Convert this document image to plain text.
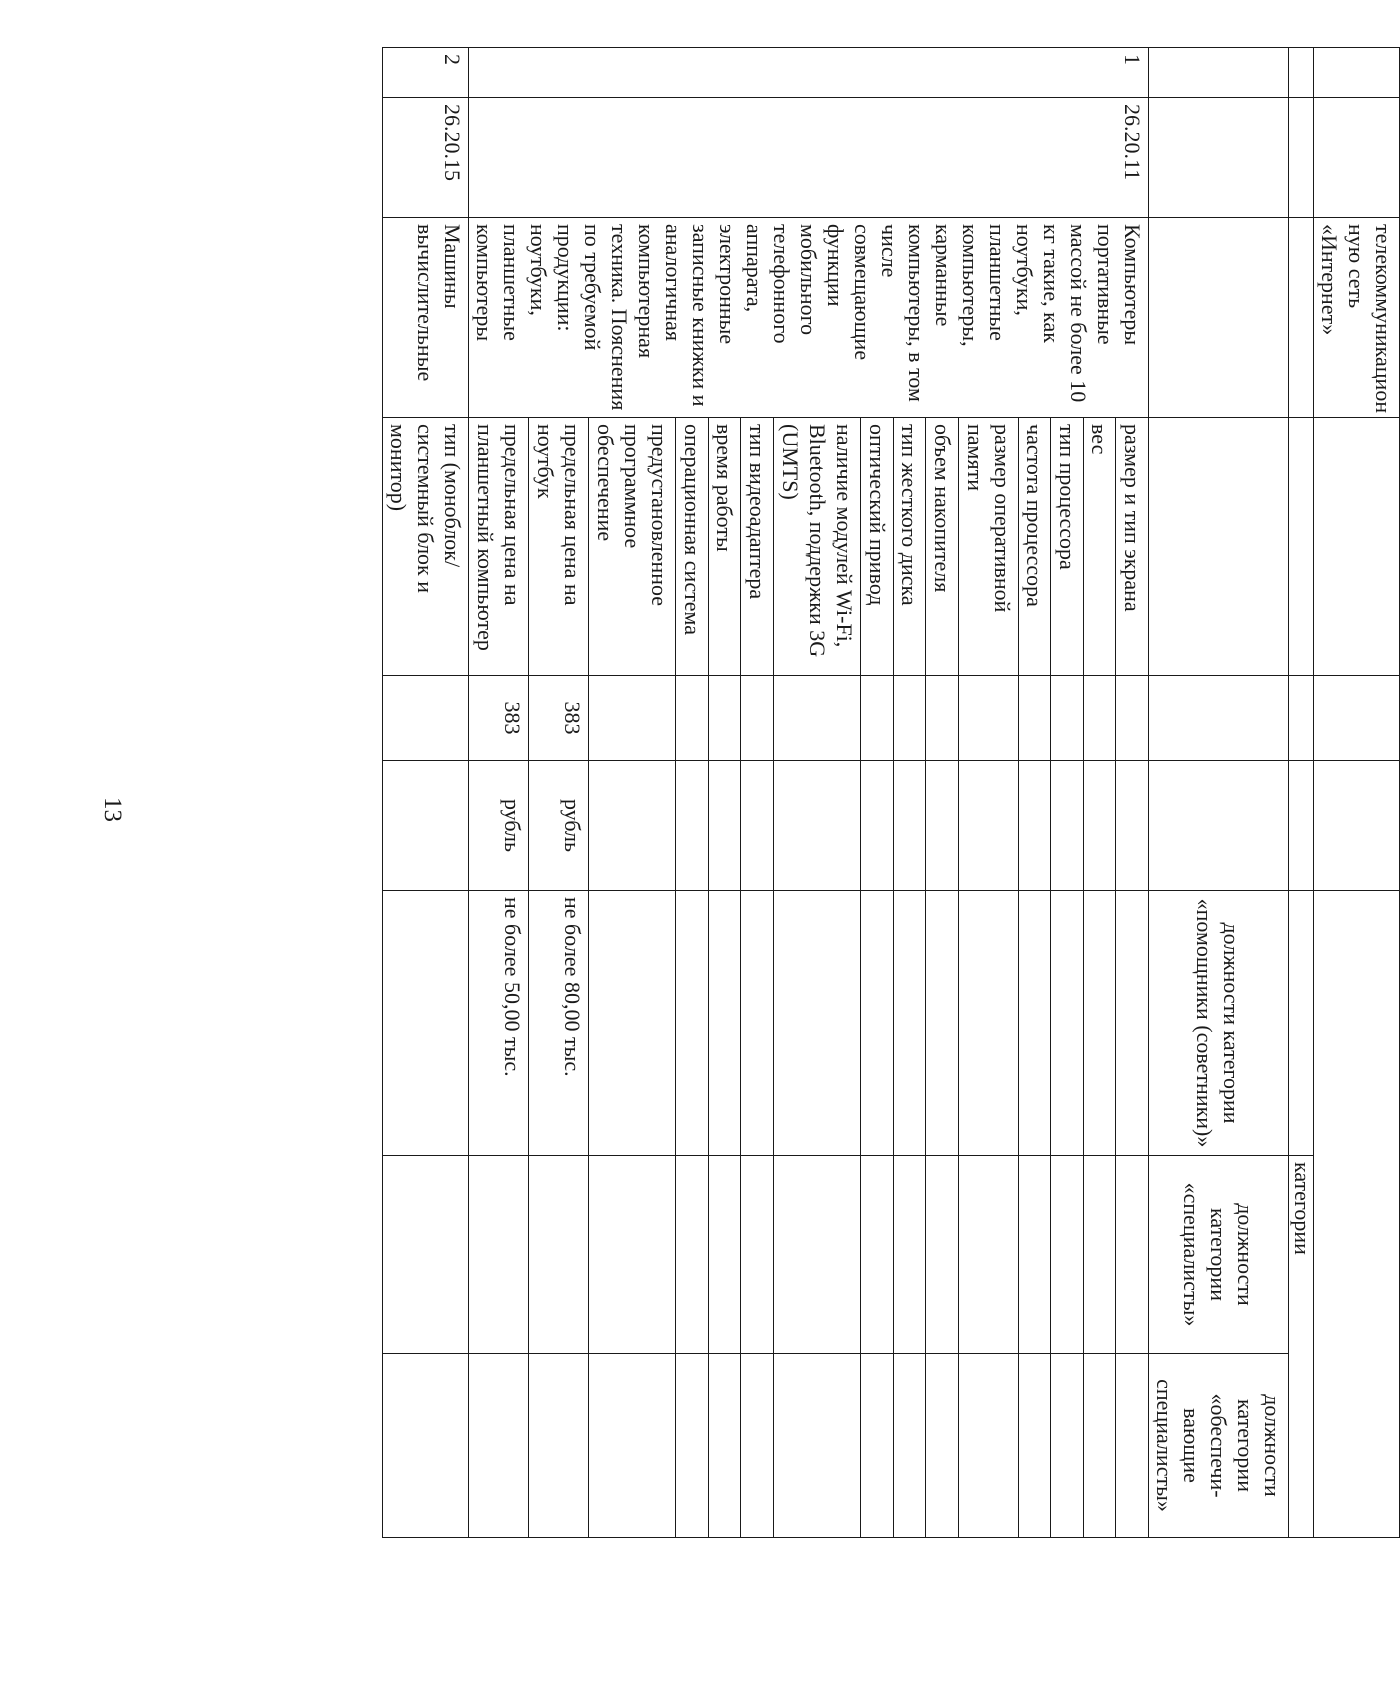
13
		телекоммуникацион ную сеть «Интернет»						
							категории	
						должности категории «помощники (советники)»	должности категории «специалисты»	должности категории «обеспечи-вающие специалисты»
1	26.20.11	Компьютеры портативные массой не более 10 кг такие, как ноутбуки, планшетные компьютеры, карманные компьютеры, в том числе совмещающие функции мобильного телефонного аппарата, электронные записные книжки и аналогичная компьютерная техника. Пояснения по требуемой продукции: ноутбуки, планшетные компьютеры	размер и тип экрана					
			вес					
			тип процессора					
			частота процессора					
			размер оперативной памяти					
			объем накопителя					
			тип жесткого диска					
			оптический привод					
			наличие модулей Wi-Fi, Bluetooth, поддержки 3G (UMTS)					
			тип видеоадаптера					
			время работы					
			операционная система					
			предустановленное программное обеспечение					
			предельная цена на ноутбук	383	рубль	не более 80,00 тыс.		
			предельная цена на планшетный компьютер	383	рубль	не более 50,00 тыс.		
2	26.20.15	Машины вычислительные	тип (моноблок/системный блок и монитор)					
